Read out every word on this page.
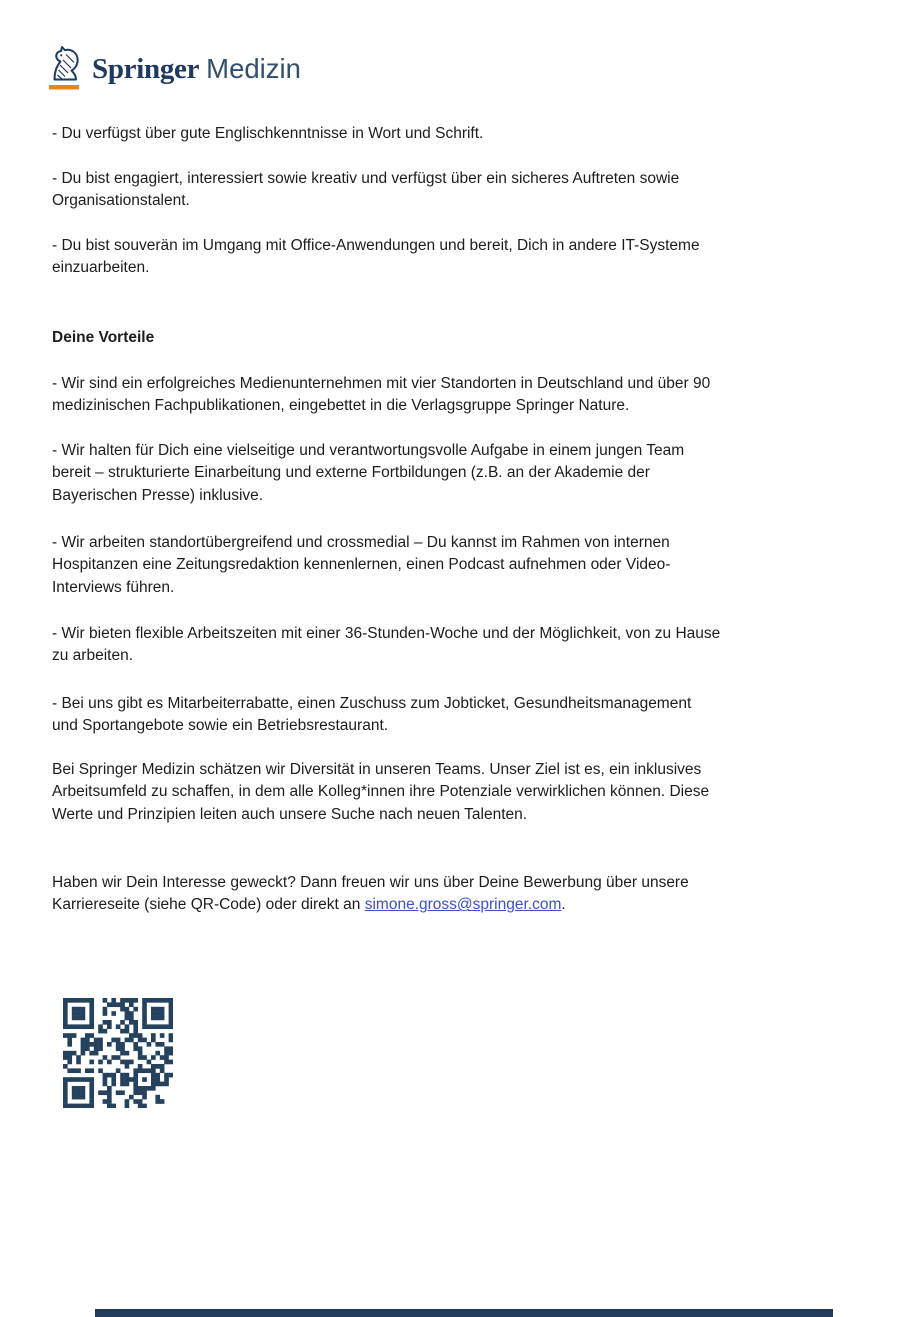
Springer Medizin

- Du verfügst über gute Englischkenntnisse in Wort und Schrift.

- Du bist engagiert, interessiert sowie kreativ und verfügst über ein sicheres Auftreten sowie
Organisationstalent.

- Du bist souverän im Umgang mit Office-Anwendungen und bereit, Dich in andere IT-Systeme
einzuarbeiten.

Deine Vorteile

- Wir sind ein erfolgreiches Medienunternehmen mit vier Standorten in Deutschland und über 90
medizinischen Fachpublikationen, eingebettet in die Verlagsgruppe Springer Nature.

- Wir halten für Dich eine vielseitige und verantwortungsvolle Aufgabe in einem jungen Team
bereit – strukturierte Einarbeitung und externe Fortbildungen (z.B. an der Akademie der
Bayerischen Presse) inklusive.

- Wir arbeiten standortübergreifend und crossmedial – Du kannst im Rahmen von internen
Hospitanzen eine Zeitungsredaktion kennenlernen, einen Podcast aufnehmen oder Video-
Interviews führen.

- Wir bieten flexible Arbeitszeiten mit einer 36-Stunden-Woche und der Möglichkeit, von zu Hause
zu arbeiten.

- Bei uns gibt es Mitarbeiterrabatte, einen Zuschuss zum Jobticket, Gesundheitsmanagement
und Sportangebote sowie ein Betriebsrestaurant.

Bei Springer Medizin schätzen wir Diversität in unseren Teams. Unser Ziel ist es, ein inklusives
Arbeitsumfeld zu schaffen, in dem alle Kolleg*innen ihre Potenziale verwirklichen können. Diese
Werte und Prinzipien leiten auch unsere Suche nach neuen Talenten.

Haben wir Dein Interesse geweckt? Dann freuen wir uns über Deine Bewerbung über unsere
Karriereseite (siehe QR-Code) oder direkt an simone.gross@springer.com.
